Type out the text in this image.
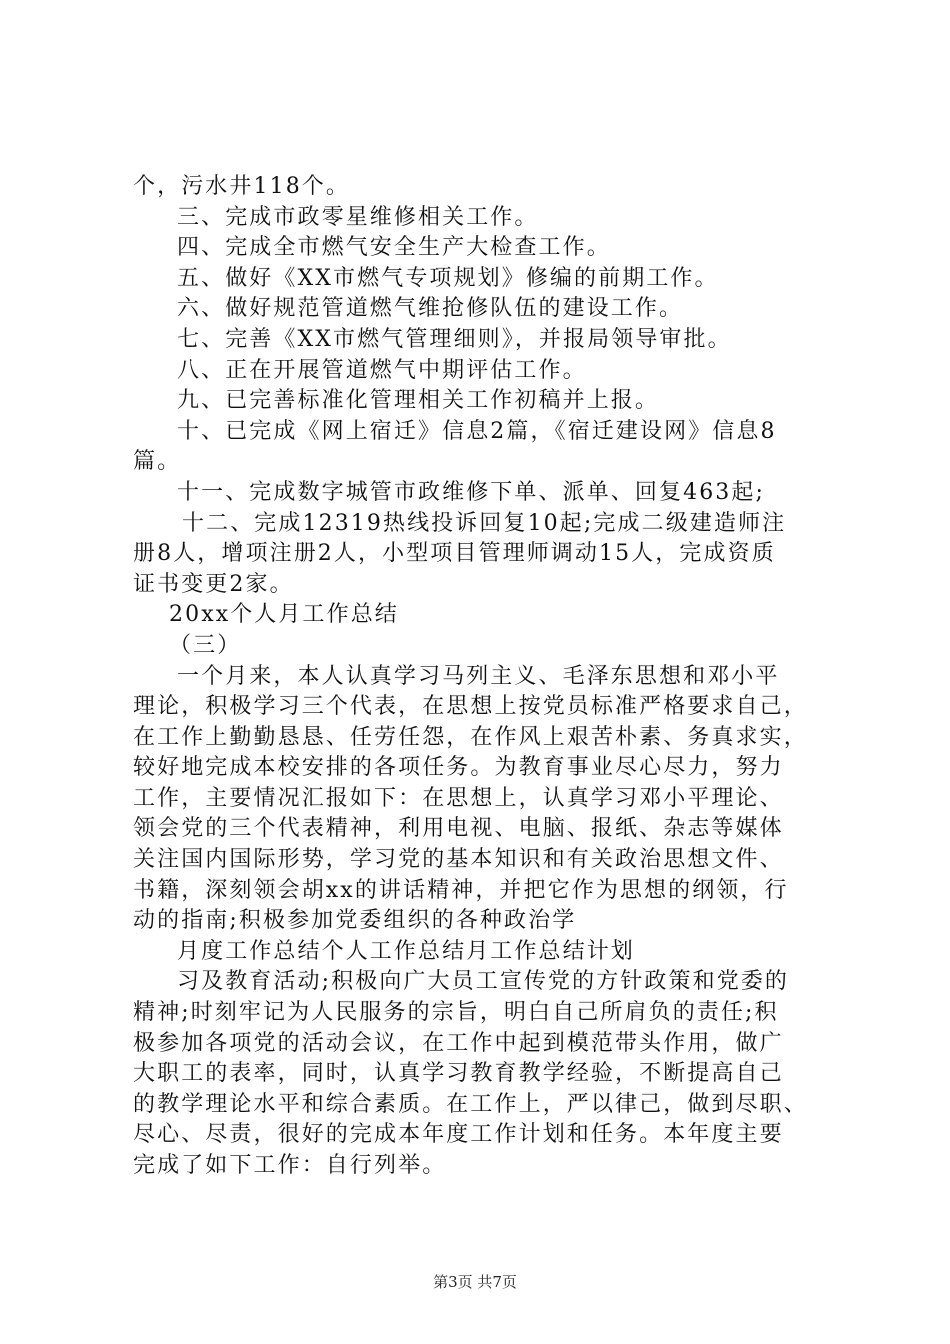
个，污水井118个。
三、完成市政零星维修相关工作。
四、完成全市燃气安全生产大检查工作。
五、做好《XX市燃气专项规划》修编的前期工作。
六、做好规范管道燃气维抢修队伍的建设工作。
七、完善《XX市燃气管理细则》，并报局领导审批。
八、正在开展管道燃气中期评估工作。
九、已完善标准化管理相关工作初稿并上报。
十、已完成《网上宿迁》信息2篇，《宿迁建设网》信息8
篇。
十一、完成数字城管市政维修下单、派单、回复463起;
十二、完成12319热线投诉回复10起;完成二级建造师注
册8人，增项注册2人，小型项目管理师调动15人，完成资质
证书变更2家。
20xx个人月工作总结
（三）
一个月来，本人认真学习马列主义、毛泽东思想和邓小平
理论，积极学习三个代表，在思想上按党员标准严格要求自己，
在工作上勤勤恳恳、任劳任怨，在作风上艰苦朴素、务真求实，
较好地完成本校安排的各项任务。为教育事业尽心尽力，努力
工作，主要情况汇报如下：在思想上，认真学习邓小平理论、
领会党的三个代表精神，利用电视、电脑、报纸、杂志等媒体
关注国内国际形势，学习党的基本知识和有关政治思想文件、
书籍，深刻领会胡xx的讲话精神，并把它作为思想的纲领，行
动的指南;积极参加党委组织的各种政治学
月度工作总结个人工作总结月工作总结计划
习及教育活动;积极向广大员工宣传党的方针政策和党委的
精神;时刻牢记为人民服务的宗旨，明白自己所肩负的责任;积
极参加各项党的活动会议，在工作中起到模范带头作用，做广
大职工的表率，同时，认真学习教育教学经验，不断提高自己
的教学理论水平和综合素质。在工作上，严以律己，做到尽职、
尽心、尽责，很好的完成本年度工作计划和任务。本年度主要
完成了如下工作：自行列举。
第3页 共7页
